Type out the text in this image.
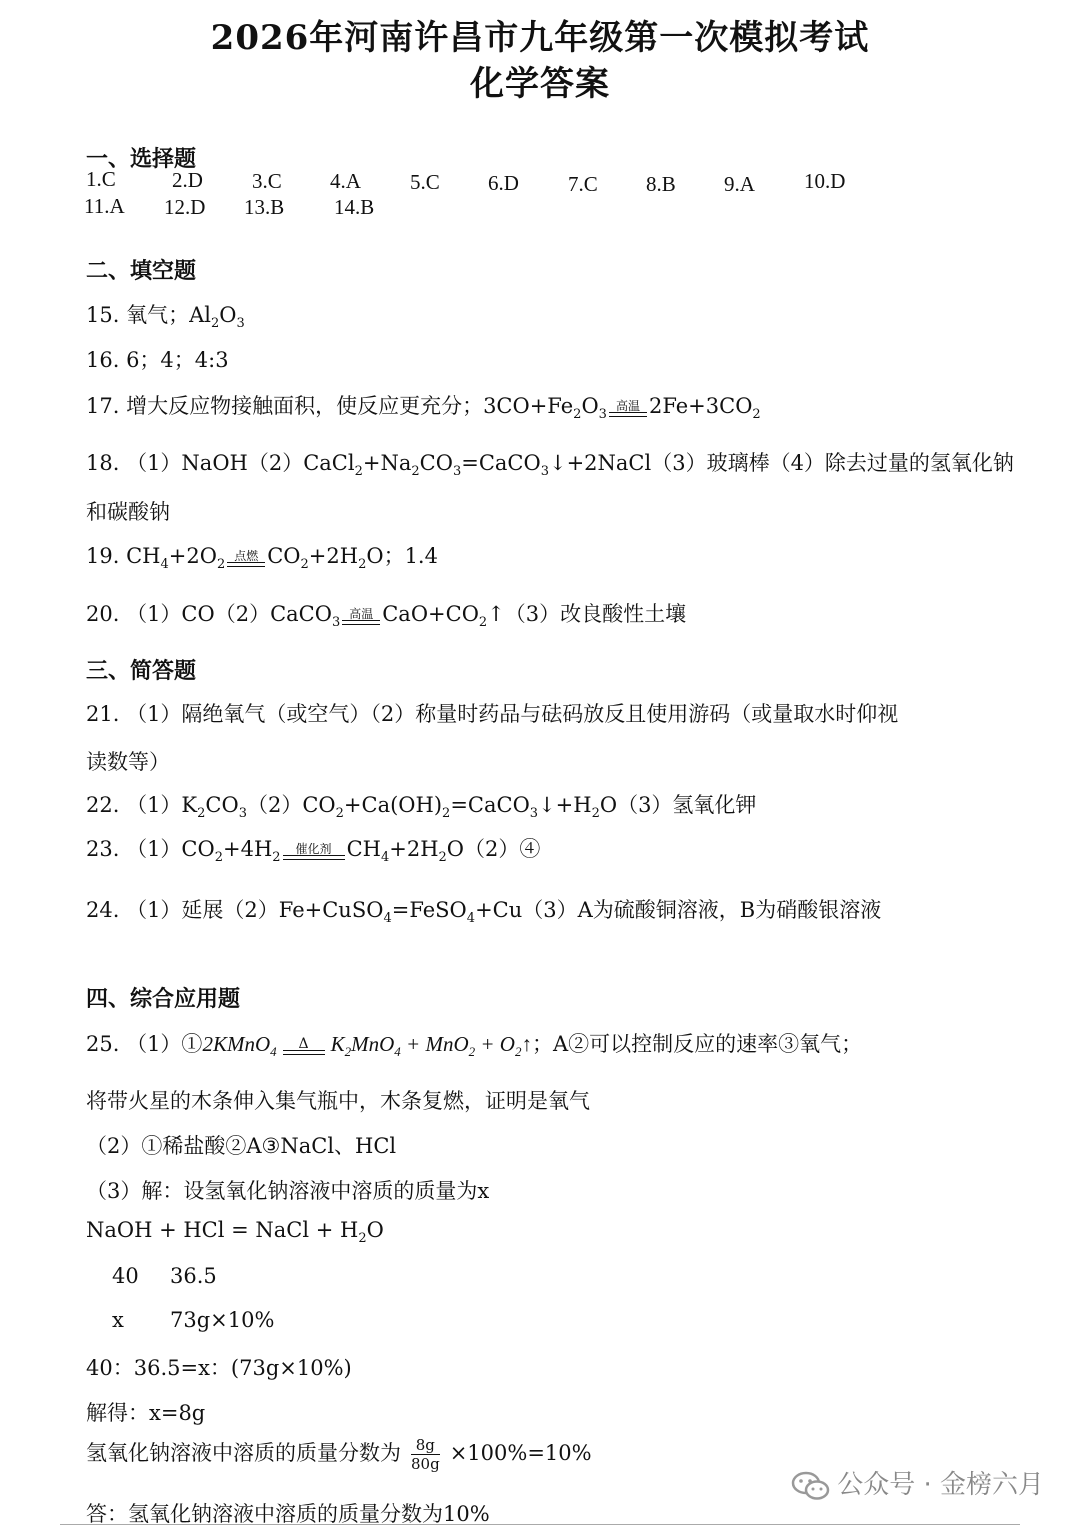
2026年河南许昌市九年级第一次模拟考试
化学答案
一、选择题
1.C	2.D 3.C 4.A 5.C 6.D 7.C 8.B 9.A 10.D
11.A 12.D 13.B 14.B
二、填空题
15. 氧气；$Al_2O_3$
16. 6；4；4:3
17. 增大反应物接触面积，使反应更充分；$3CO+Fe_2O_3$
高温 $2Fe+3CO_2$
18. $(1)NaOH(2)CaCl_2+Na_2CO_3=CaCO_3↓+2NaCl(3)$玻璃棒（4）除去过量的氢氧化钠
和碳酸钠
19. $CH_4+2O_2$
点燃 $CO_2+2H_2O$；1.4
20. （1）CO（2）CaCO$_3$
高温 $CaO+CO_2↑(3)$改良酸性土壤
三、简答题
21. （1）隔绝氧气（或空气）（2）称量时药品与砝码放反且使用游码（或量取水时仰视
读数等）
22. $(1)K_2CO_3(2)CO_2+Ca(OH)_2=CaCO_3↓+H_2O(3)$氢氧化钾
23. $(1)CO_2+4H_2$
催化剂 $CH_4+2H_2O(2)④$
24. （1）延展（2）Fe+CuSO$_4$=FeSO$_4$+Cu（3）A为硫酸铜溶液，B为硝酸银溶液
四、综合应用题
25. （1）①2KMnO$_4$	Δ	$K_2MnO_4 + MnO_2$ + $O_2↑$；A②可以控制反应的速率③氧气；
将带火星的木条伸入集气瓶中，木条复燃，证明是氧气
（2）①稀盐酸②A③NaCl、HCl
（3）解：设氢氧化钠溶液中溶质的质量为x
NaOH + HCl = NaCl + $H_2O$
40 36.5
x 73g×10%
40：36.5=x：(73g×10%)
解得：x=8g
氢氧化钠溶液中溶质的质量分数为 $\frac{8g}{80g} \times 100\%=10\%$
答：氢氧化钠溶液中溶质的质量分数为10%
公众号 · 金榜六月
